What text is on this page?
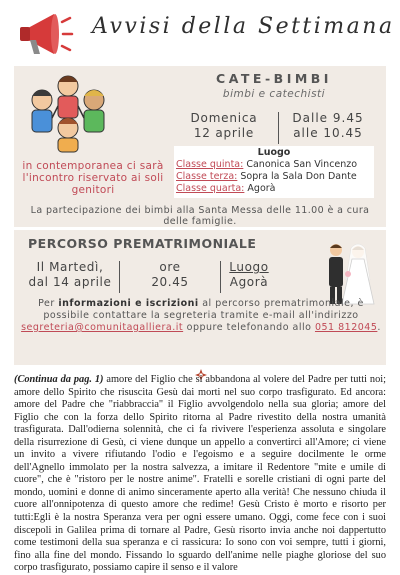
Avvisi della Settimana
CATE-BIMBI
bimbi e catechisti
Domenica
12 aprile
Dalle 9.45
alle 10.45
Luogo
Classe quinta: Canonica San Vincenzo
Classe terza: Sopra la Sala Don Dante
Classe quarta: Agorà
in contemporanea ci sarà l'incontro riservato ai soli genitori
La partecipazione dei bimbi alla Santa Messa delle 11.00 è a cura delle famiglie.
PERCORSO PREMATRIMONIALE
Il Martedì,
dal 14 aprile
ore
20.45
Luogo
Agorà
Per informazioni e iscrizioni al percorso prematrimoniale, è possibile contattare la segreteria tramite e-mail all'indirizzo segreteria@comunitagalliera.it oppure telefonando allo 051 812045.
(Continua da pag. 1) amore del Figlio che si abbandona al volere del Padre per tutti noi; amore dello Spirito che risuscita Gesù dai morti nel suo corpo trasfigurato. Ed ancora: amore del Padre che "riabbraccia" il Figlio avvolgendolo nella sua gloria; amore del Figlio che con la forza dello Spirito ritorna al Padre rivestito della nostra umanità trasfigurata. Dall'odierna solennità, che ci fa rivivere l'esperienza assoluta e singolare della risurrezione di Gesù, ci viene dunque un appello a convertirci all'Amore; ci viene un invito a vivere rifiutando l'odio e l'egoismo e a seguire docilmente le orme dell'Agnello immolato per la nostra salvezza, a imitare il Redentore "mite e umile di cuore", che è "ristoro per le nostre anime". Fratelli e sorelle cristiani di ogni parte del mondo, uomini e donne di animo sinceramente aperto alla verità! Che nessuno chiuda il cuore all'onnipotenza di questo amore che redime! Gesù Cristo è morto e risorto per tutti:Egli è la nostra Speranza vera per ogni essere umano. Oggi, come fece con i suoi discepoli in Galilea prima di tornare al Padre, Gesù risorto invia anche noi dappertutto come testimoni della sua speranza e ci rassicura: Io sono con voi sempre, tutti i giorni, fino alla fine del mondo. Fissando lo sguardo dell'anime nelle piaghe gloriose del suo corpo trasfigurato, possiamo capire il senso e il valore
